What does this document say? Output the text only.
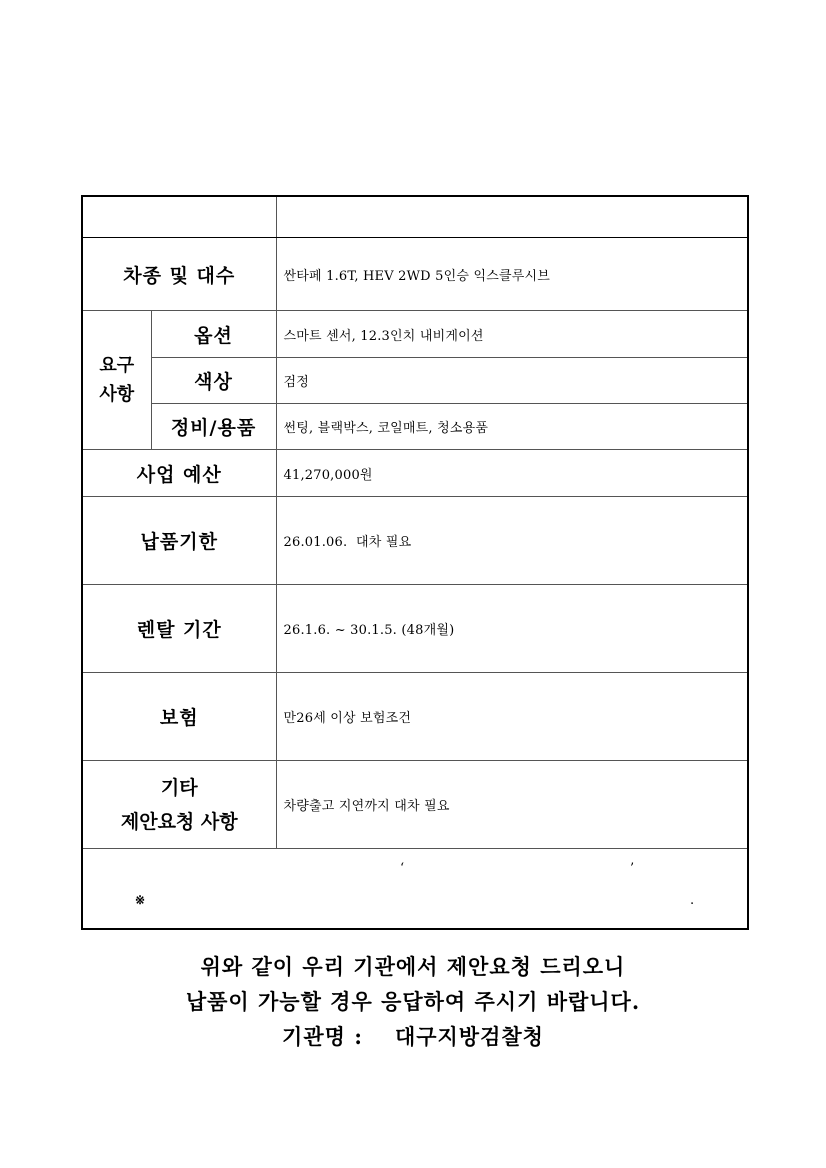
차종 및 대수		싼타페 1.6T, HEV 2WD 5인승 익스클루시브

요구
사항	옵션	스마트 센서, 12.3인치 내비게이션
	색상	검정
	정비/용품	썬팅, 블랙박스, 코일매트, 청소용품
사업 예산		41,270,000원
납품기한		26.01.06.  대차 필요
렌탈 기간		26.1.6. ~ 30.1.5. (48개월)
보험		만26세 이상 보험조건

기타
제안요청 사항		차량출고 지연까지 대차 필요

‘ ’
※ .		
위와 같이 우리 기관에서 제안요청 드리오니
납품이 가능할 경우 응답하여 주시기 바랍니다.
기관명 : 대구지방검찰청
